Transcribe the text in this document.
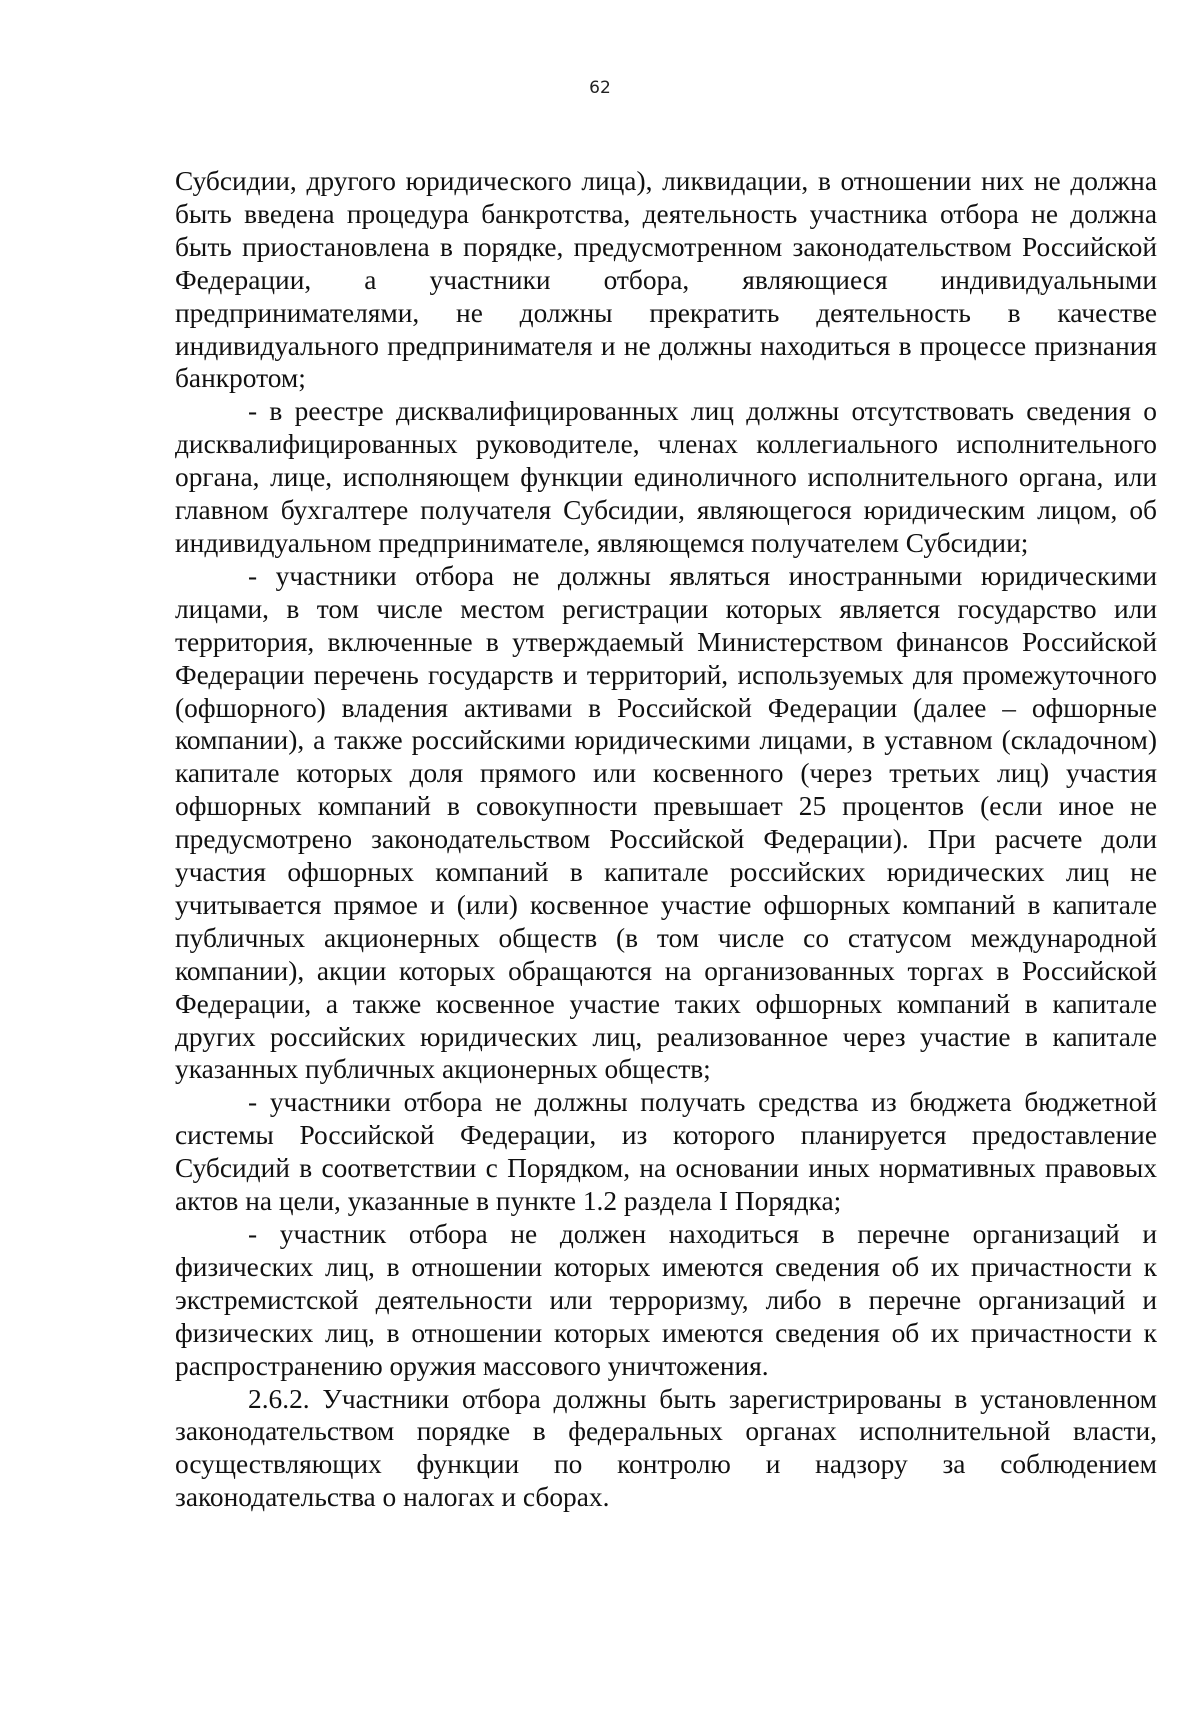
62

Субсидии, другого юридического лица), ликвидации, в отношении них не должна быть введена процедура банкротства, деятельность участника отбора не должна быть приостановлена в порядке, предусмотренном законодательством Российской Федерации, а участники отбора, являющиеся индивидуальными предпринимателями, не должны прекратить деятельность в качестве индивидуального предпринимателя и не должны находиться в процессе признания банкротом;

- в реестре дисквалифицированных лиц должны отсутствовать сведения о дисквалифицированных руководителе, членах коллегиального исполнительного органа, лице, исполняющем функции единоличного исполнительного органа, или главном бухгалтере получателя Субсидии, являющегося юридическим лицом, об индивидуальном предпринимателе, являющемся получателем Субсидии;

- участники отбора не должны являться иностранными юридическими лицами, в том числе местом регистрации которых является государство или территория, включенные в утверждаемый Министерством финансов Российской Федерации перечень государств и территорий, используемых для промежуточного (офшорного) владения активами в Российской Федерации (далее – офшорные компании), а также российскими юридическими лицами, в уставном (складочном) капитале которых доля прямого или косвенного (через третьих лиц) участия офшорных компаний в совокупности превышает 25 процентов (если иное не предусмотрено законодательством Российской Федерации). При расчете доли участия офшорных компаний в капитале российских юридических лиц не учитывается прямое и (или) косвенное участие офшорных компаний в капитале публичных акционерных обществ (в том числе со статусом международной компании), акции которых обращаются на организованных торгах в Российской Федерации, а также косвенное участие таких офшорных компаний в капитале других российских юридических лиц, реализованное через участие в капитале указанных публичных акционерных обществ;

- участники отбора не должны получать средства из бюджета бюджетной системы Российской Федерации, из которого планируется предоставление Субсидий в соответствии с Порядком, на основании иных нормативных правовых актов на цели, указанные в пункте 1.2 раздела I Порядка;

- участник отбора не должен находиться в перечне организаций и физических лиц, в отношении которых имеются сведения об их причастности к экстремистской деятельности или терроризму, либо в перечне организаций и физических лиц, в отношении которых имеются сведения об их причастности к распространению оружия массового уничтожения.

2.6.2. Участники отбора должны быть зарегистрированы в установленном законодательством порядке в федеральных органах исполнительной власти, осуществляющих функции по контролю и надзору за соблюдением законодательства о налогах и сборах.
